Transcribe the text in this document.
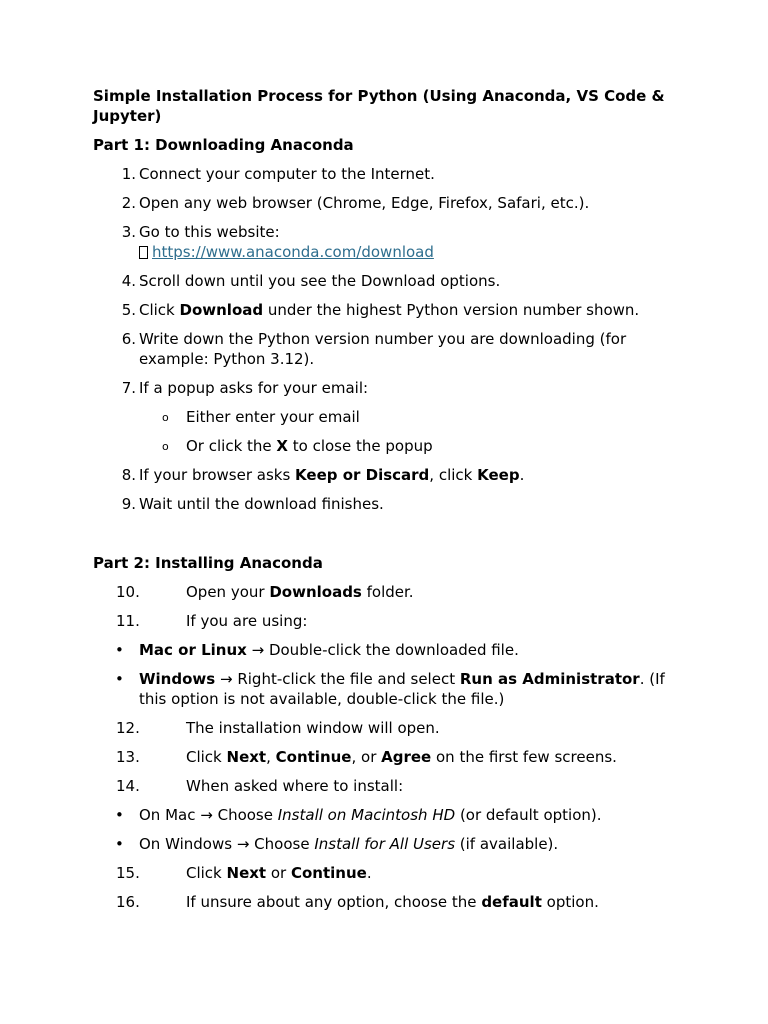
Simple Installation Process for Python (Using Anaconda, VS Code & Jupyter)
Part 1: Downloading Anaconda
1. Connect your computer to the Internet.
2. Open any web browser (Chrome, Edge, Firefox, Safari, etc.).
3. Go to this website:
https://www.anaconda.com/download
4. Scroll down until you see the Download options.
5. Click Download under the highest Python version number shown.
6. Write down the Python version number you are downloading (for example: Python 3.12).
7. If a popup asks for your email:
o Either enter your email
o Or click the X to close the popup
8. If your browser asks Keep or Discard, click Keep.
9. Wait until the download finishes.
Part 2: Installing Anaconda
10.	Open your Downloads folder.
11.	If you are using:
• Mac or Linux → Double-click the downloaded file.
• Windows → Right-click the file and select Run as Administrator. (If this option is not available, double-click the file.)
12.	The installation window will open.
13.	Click Next, Continue, or Agree on the first few screens.
14.	When asked where to install:
• On Mac → Choose Install on Macintosh HD (or default option).
• On Windows → Choose Install for All Users (if available).
15.	Click Next or Continue.
16.	If unsure about any option, choose the default option.
